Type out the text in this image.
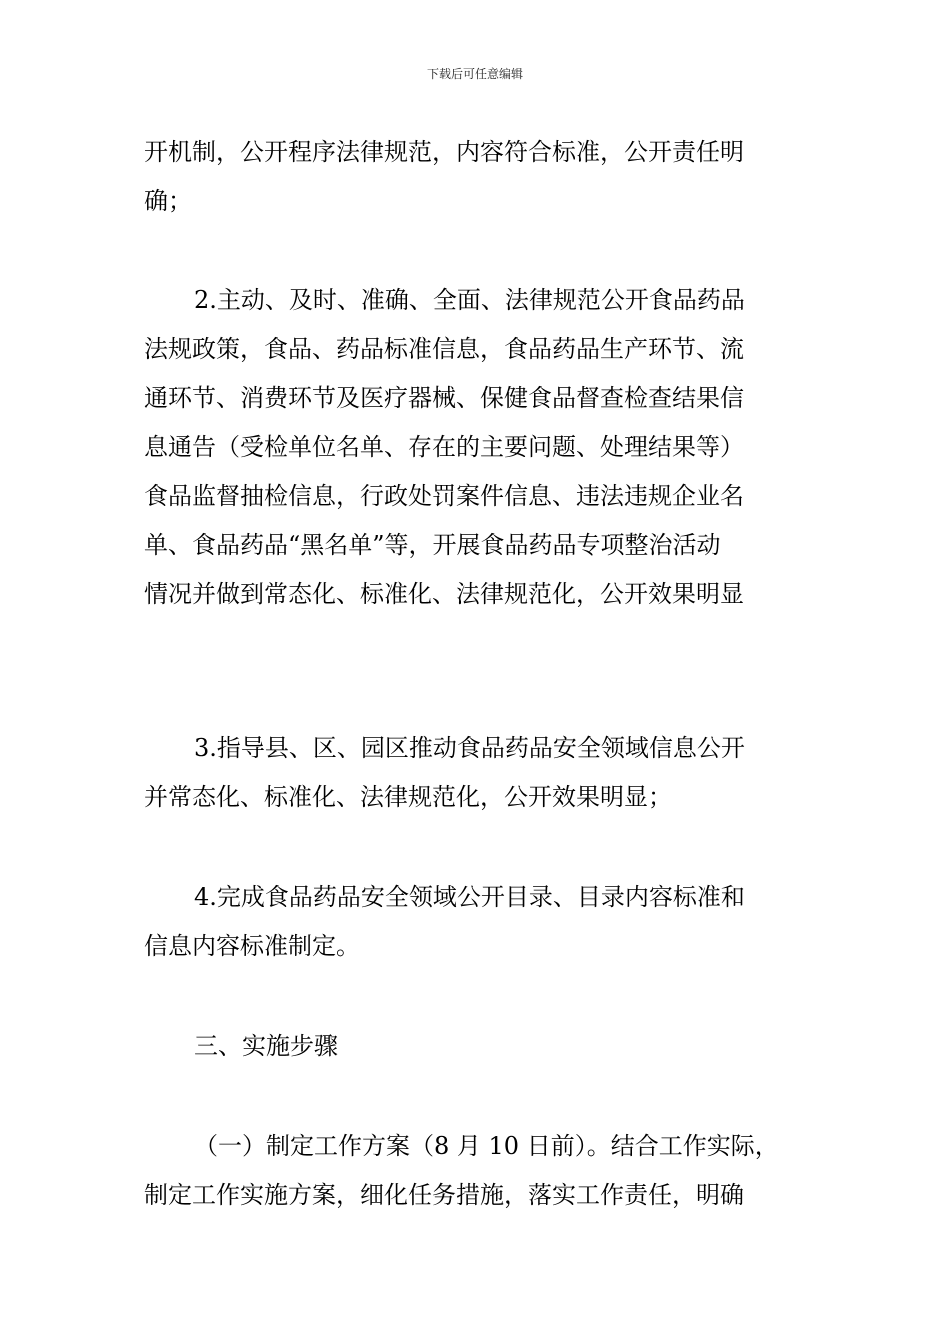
下载后可任意编辑
开机制，公开程序法律规范，内容符合标准，公开责任明
确；
2.主动、及时、准确、全面、法律规范公开食品药品
法规政策，食品、药品标准信息，食品药品生产环节、流
通环节、消费环节及医疗器械、保健食品督查检查结果信
息通告（受检单位名单、存在的主要问题、处理结果等）
食品监督抽检信息，行政处罚案件信息、违法违规企业名
单、食品药品“黑名单”等，开展食品药品专项整治活动
情况并做到常态化、标准化、法律规范化，公开效果明显
3.指导县、区、园区推动食品药品安全领域信息公开
并常态化、标准化、法律规范化，公开效果明显；
4.完成食品药品安全领域公开目录、目录内容标准和
信息内容标准制定。
三、实施步骤
（一）制定工作方案（8 月 10 日前）。结合工作实际，
制定工作实施方案，细化任务措施，落实工作责任，明确
